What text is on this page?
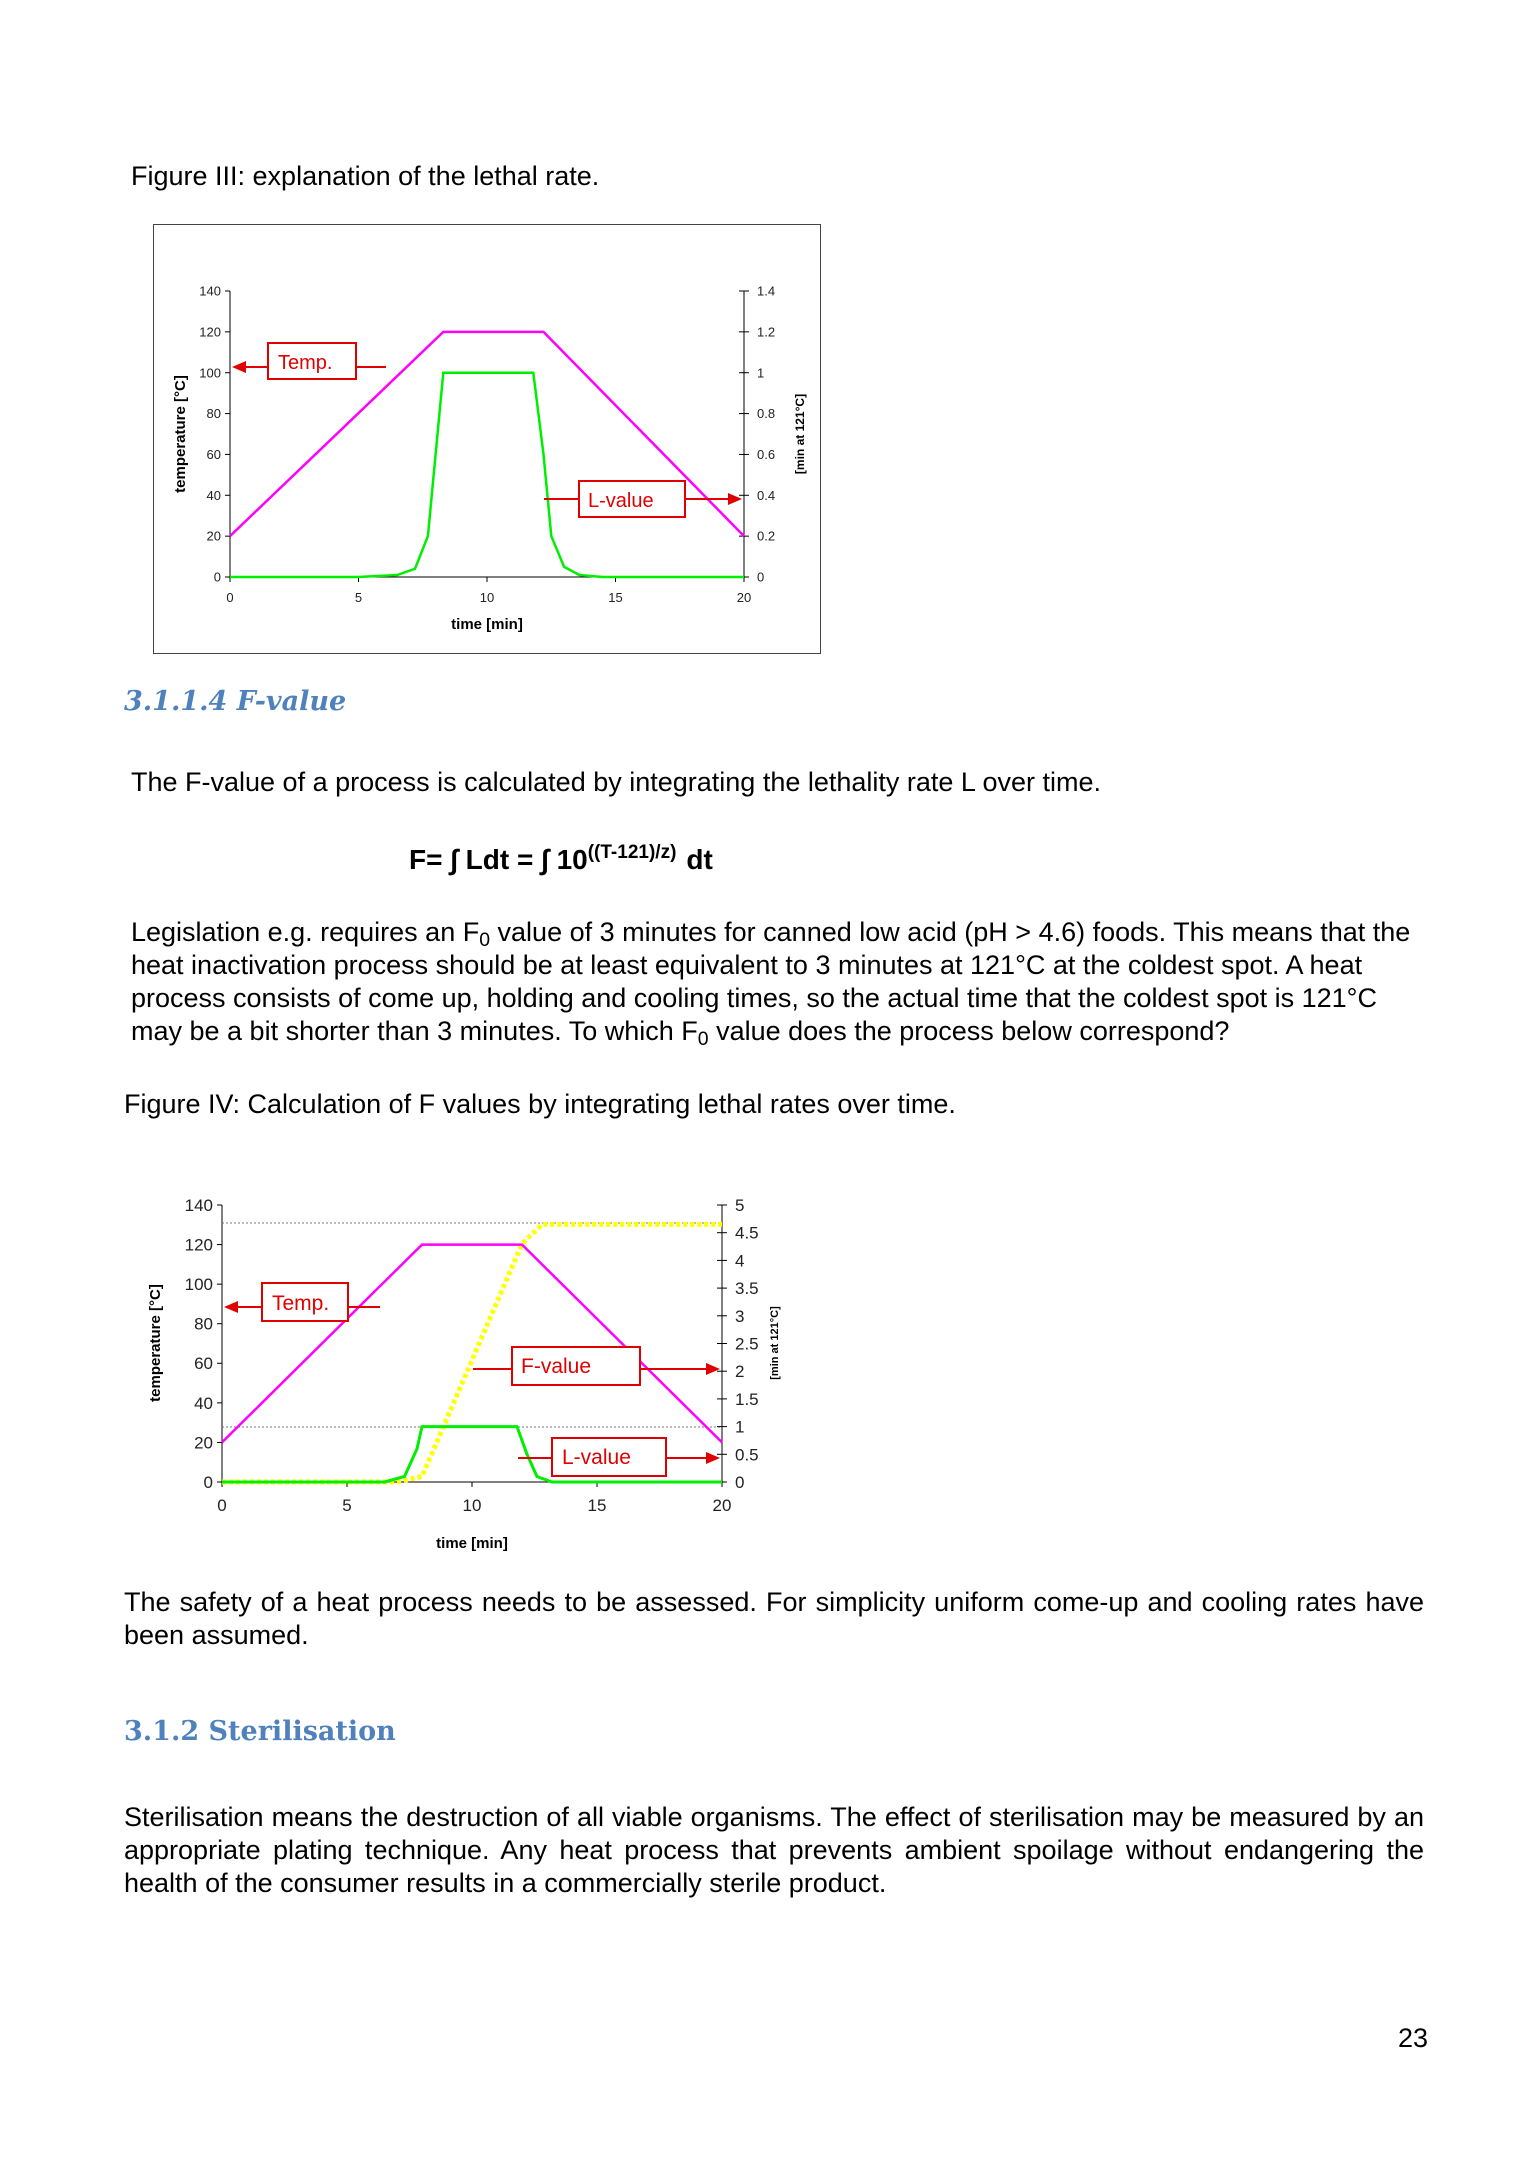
Figure III: explanation of the lethal rate.
140
120
100
80
60
40
20
0
1.4
1.2
1
0.8
0.6
0.4
0.2
0
0	5	10	15	20
Temp.
L-value
temperature [°C]	[min at 121°C]
time [min]
3.1.1.4 F-value
The F-value of a process is calculated by integrating the lethality rate L over time.
F= ∫ Ldt = ∫ $10^{((T-121)/z)}$ dt
Legislation e.g. requires an $F_0$ value of 3 minutes for canned low acid (pH > 4.6) foods. This means that the heat inactivation process should be at least equivalent to 3 minutes at 121°C at the coldest spot. A heat process consists of come up, holding and cooling times, so the actual time that the coldest spot is 121°C may be a bit shorter than 3 minutes. To which $F_0$ value does the process below correspond?
Figure IV: Calculation of F values by integrating lethal rates over time.
140
120
100
80
60
40
20
0
5
4.5
4
3.5
3
2.5
2
1.5
1
0.5
0
0	5	10	15	20
Temp.
F-value
L-value
temperature [°C]	[min at 121°C]
time [min]
The safety of a heat process needs to be assessed. For simplicity uniform come-up and cooling rates have been assumed.
3.1.2 Sterilisation
Sterilisation means the destruction of all viable organisms. The effect of sterilisation may be measured by an appropriate plating technique. Any heat process that prevents ambient spoilage without endangering the health of the consumer results in a commercially sterile product.
23
